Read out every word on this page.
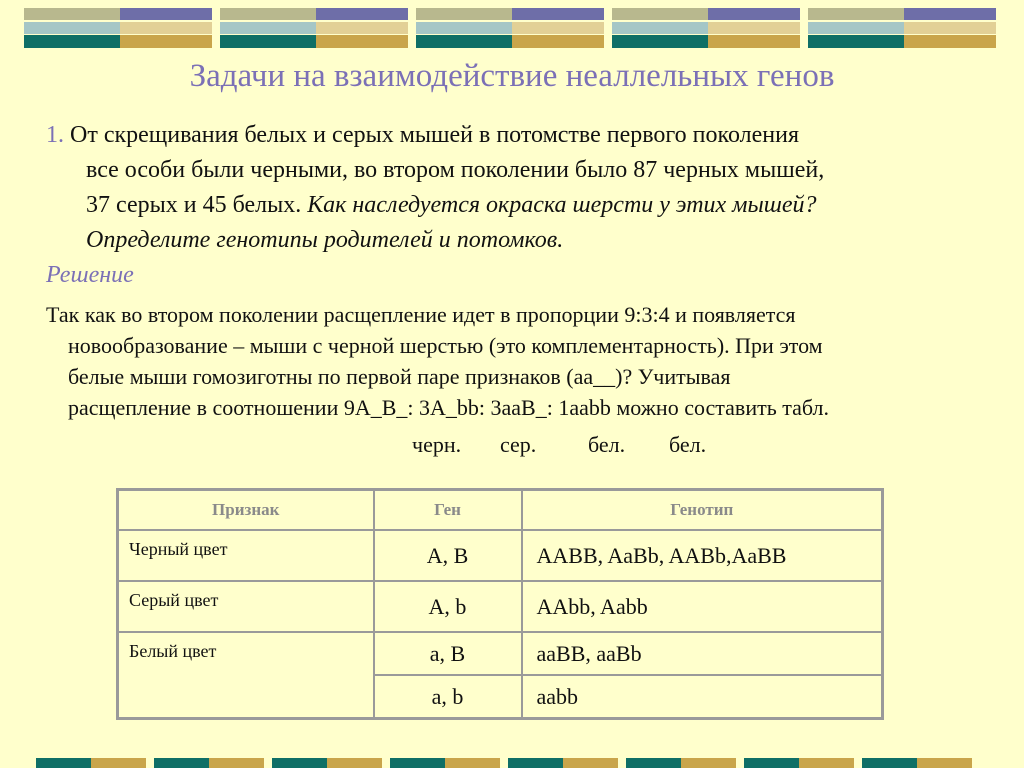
Задачи на взаимодействие неаллельных генов
1. От скрещивания белых и серых мышей в потомстве первого поколения
все особи были черными, во втором поколении было 87 черных мышей,
37 серых и 45 белых. Как наследуется окраска шерсти у этих мышей?
Определите генотипы родителей и потомков.
Решение
Так как во втором поколении расщепление идет в пропорции 9:3:4 и появляется
новообразование – мыши с черной шерстью (это комплементарность). При этом
белые мыши гомозиготны по первой паре признаков (аа__)? Учитывая
расщепление в соотношении 9А_В_: 3А_bb: 3aaB_: 1aabb можно составить табл.
черн. сер. бел. бел.
Признак	Ген	Генотип
Черный цвет	A, B	AABB, AaBb, AABb,AaBB
Серый цвет	A, b	AAbb, Aabb
Белый цвет	a, B	aaBB, aaBb
	a, b	aabb
